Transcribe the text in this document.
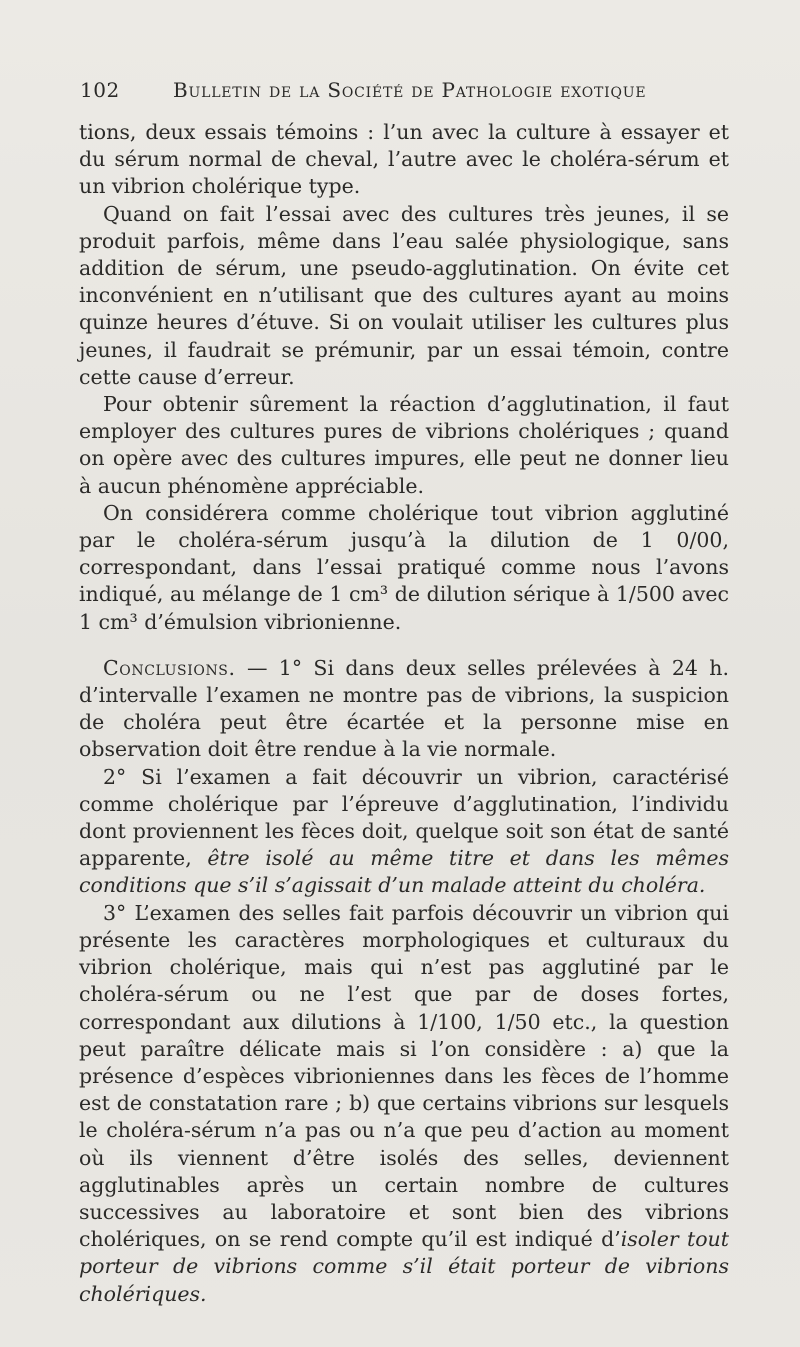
102	Bulletin de la Société de Pathologie exotique

tions, deux essais témoins : l’un avec la culture à essayer et du sérum normal de cheval, l’autre avec le choléra-sérum et un vibrion cholérique type.

Quand on fait l’essai avec des cultures très jeunes, il se produit parfois, même dans l’eau salée physiologique, sans addition de sérum, une pseudo-agglutination. On évite cet inconvénient en n’utilisant que des cultures ayant au moins quinze heures d’étuve. Si on voulait utiliser les cultures plus jeunes, il faudrait se prémunir, par un essai témoin, contre cette cause d’erreur.

Pour obtenir sûrement la réaction d’agglutination, il faut employer des cultures pures de vibrions cholériques ; quand on opère avec des cultures impures, elle peut ne donner lieu à aucun phénomène appréciable.

On considérera comme cholérique tout vibrion agglutiné par le choléra-sérum jusqu’à la dilution de 1 0/00, correspondant, dans l’essai pratiqué comme nous l’avons indiqué, au mélange de 1 cm³ de dilution sérique à 1/500 avec 1 cm³ d’émulsion vibrionienne.

Conclusions. — 1° Si dans deux selles prélevées à 24 h. d’intervalle l’examen ne montre pas de vibrions, la suspicion de choléra peut être écartée et la personne mise en observation doit être rendue à la vie normale.

2° Si l’examen a fait découvrir un vibrion, caractérisé comme cholérique par l’épreuve d’agglutination, l’individu dont proviennent les fèces doit, quelque soit son état de santé apparente, être isolé au même titre et dans les mêmes conditions que s’il s’agissait d’un malade atteint du choléra.

3° L’examen des selles fait parfois découvrir un vibrion qui présente les caractères morphologiques et culturaux du vibrion cholérique, mais qui n’est pas agglutiné par le choléra-sérum ou ne l’est que par de doses fortes, correspondant aux dilutions à 1/100, 1/50 etc., la question peut paraître délicate mais si l’on considère : a) que la présence d’espèces vibrioniennes dans les fèces de l’homme est de constatation rare ; b) que certains vibrions sur lesquels le choléra-sérum n’a pas ou n’a que peu d’action au moment où ils viennent d’être isolés des selles, deviennent agglutinables après un certain nombre de cultures successives au laboratoire et sont bien des vibrions cholériques, on se rend compte qu’il est indiqué d’isoler tout porteur de vibrions comme s’il était porteur de vibrions cholériques.
